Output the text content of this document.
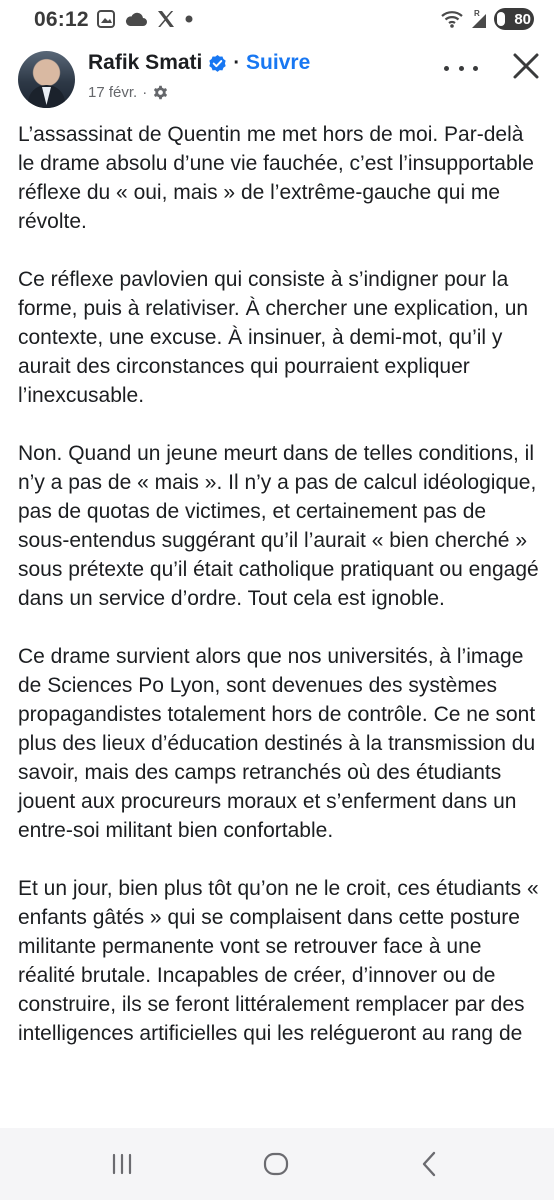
06:12	R 80
Rafik Smati · Suivre
17 févr. ·

L’assassinat de Quentin me met hors de moi. Par-delà le drame absolu d’une vie fauchée, c’est l’insupportable réflexe du « oui, mais » de l’extrême-gauche qui me révolte.

Ce réflexe pavlovien qui consiste à s’indigner pour la forme, puis à relativiser. À chercher une explication, un contexte, une excuse. À insinuer, à demi-mot, qu’il y aurait des circonstances qui pourraient expliquer l’inexcusable.

Non. Quand un jeune meurt dans de telles conditions, il n’y a pas de « mais ». Il n’y a pas de calcul idéologique, pas de quotas de victimes, et certainement pas de sous-entendus suggérant qu’il l’aurait « bien cherché » sous prétexte qu’il était catholique pratiquant ou engagé dans un service d’ordre. Tout cela est ignoble.

Ce drame survient alors que nos universités, à l’image de Sciences Po Lyon, sont devenues des systèmes propagandistes totalement hors de contrôle. Ce ne sont plus des lieux d’éducation destinés à la transmission du savoir, mais des camps retranchés où des étudiants jouent aux procureurs moraux et s’enferment dans un entre-soi militant bien confortable.

Et un jour, bien plus tôt qu’on ne le croit, ces étudiants « enfants gâtés » qui se complaisent dans cette posture militante permanente vont se retrouver face à une réalité brutale. Incapables de créer, d’innover ou de construire, ils se feront littéralement remplacer par des intelligences artificielles qui les relégueront au rang de
